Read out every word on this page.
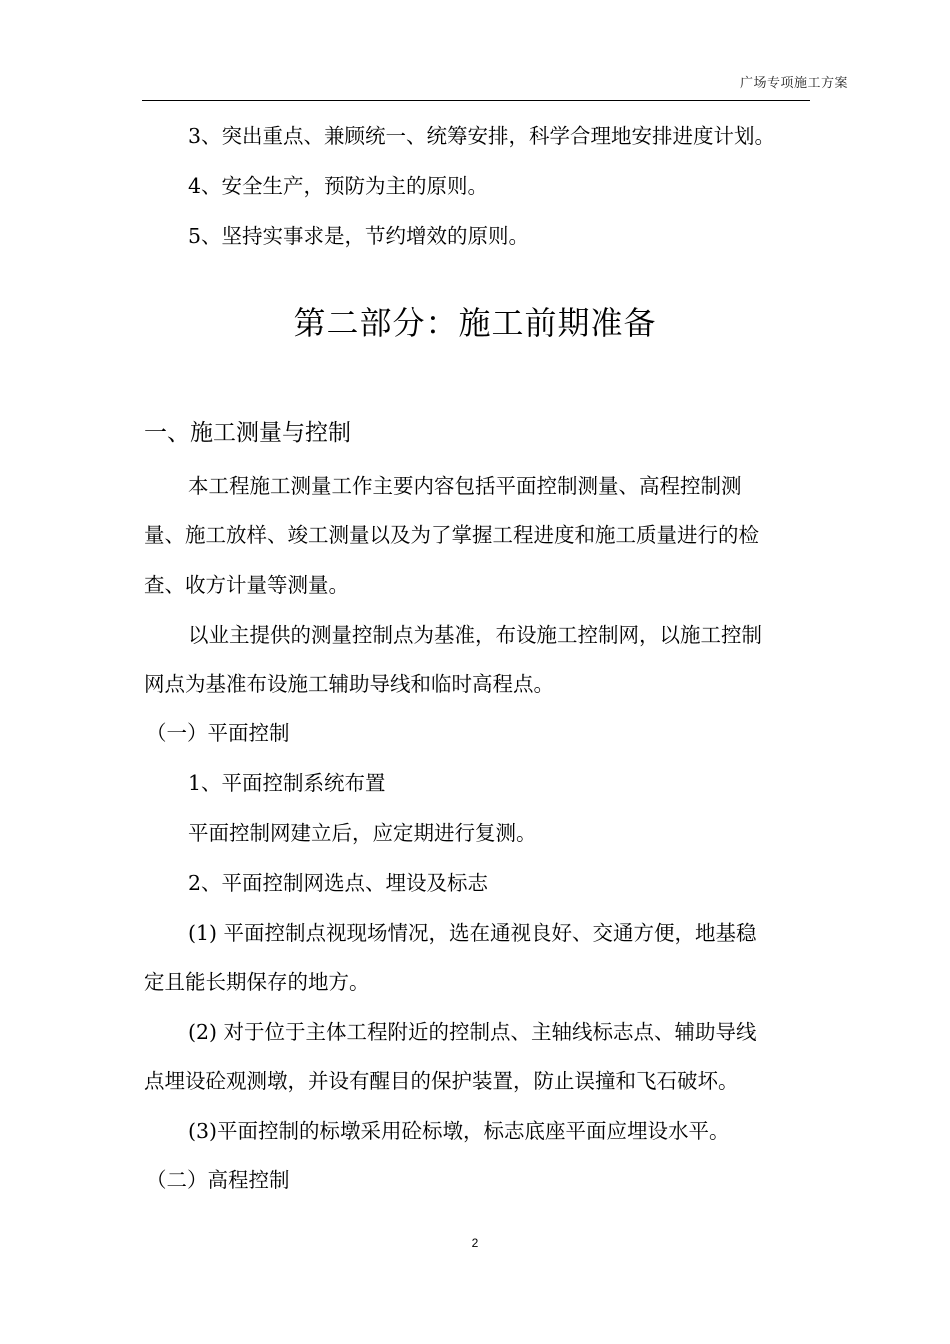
广场专项施工方案
3、突出重点、兼顾统一、统筹安排，科学合理地安排进度计划。
4、安全生产，预防为主的原则。
5、坚持实事求是，节约增效的原则。
第二部分：施工前期准备
一、施工测量与控制
本工程施工测量工作主要内容包括平面控制测量、高程控制测
量、施工放样、竣工测量以及为了掌握工程进度和施工质量进行的检
查、收方计量等测量。
以业主提供的测量控制点为基准，布设施工控制网，以施工控制
网点为基准布设施工辅助导线和临时高程点。
（一）平面控制
1、平面控制系统布置
平面控制网建立后，应定期进行复测。
2、平面控制网选点、埋设及标志
(1) 平面控制点视现场情况，选在通视良好、交通方便，地基稳
定且能长期保存的地方。
(2) 对于位于主体工程附近的控制点、主轴线标志点、辅助导线
点埋设砼观测墩，并设有醒目的保护装置，防止误撞和飞石破坏。
(3)平面控制的标墩采用砼标墩，标志底座平面应埋设水平。
（二）高程控制
2
